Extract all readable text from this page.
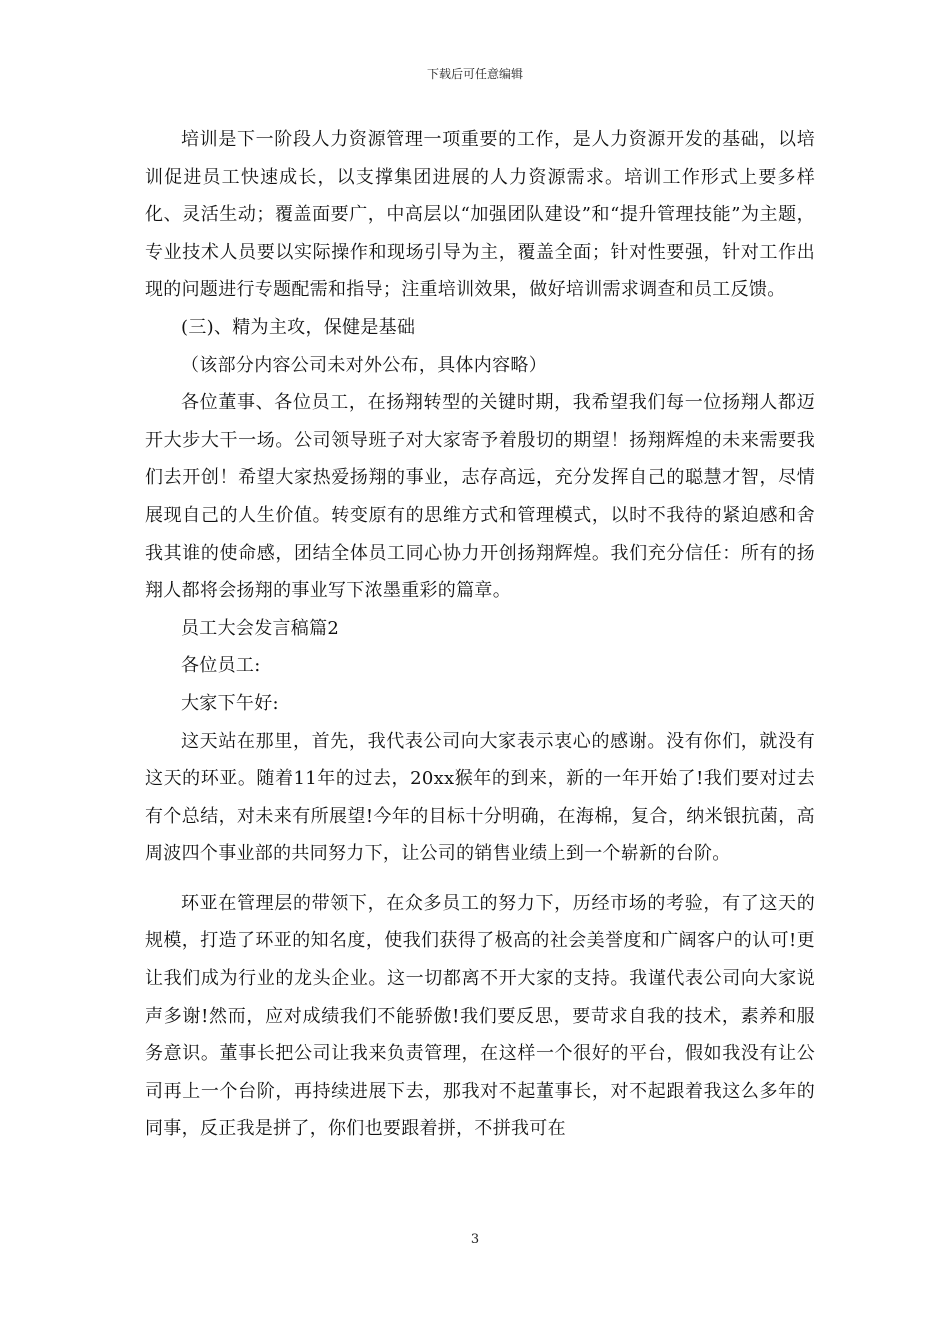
下载后可任意编辑

培训是下一阶段人力资源管理一项重要的工作，是人力资源开发的基础，以培训促进员工快速成长，以支撑集团进展的人力资源需求。培训工作形式上要多样化、灵活生动；覆盖面要广，中高层以“加强团队建设”和“提升管理技能”为主题，专业技术人员要以实际操作和现场引导为主，覆盖全面；针对性要强，针对工作出现的问题进行专题配需和指导；注重培训效果，做好培训需求调查和员工反馈。

(三)、精为主攻，保健是基础

（该部分内容公司未对外公布，具体内容略）

各位董事、各位员工，在扬翔转型的关键时期，我希望我们每一位扬翔人都迈开大步大干一场。公司领导班子对大家寄予着殷切的期望！扬翔辉煌的未来需要我们去开创！希望大家热爱扬翔的事业，志存高远，充分发挥自己的聪慧才智，尽情展现自己的人生价值。转变原有的思维方式和管理模式，以时不我待的紧迫感和舍我其谁的使命感，团结全体员工同心协力开创扬翔辉煌。我们充分信任：所有的扬翔人都将会扬翔的事业写下浓墨重彩的篇章。

员工大会发言稿篇2

各位员工:

大家下午好:

这天站在那里，首先，我代表公司向大家表示衷心的感谢。没有你们，就没有这天的环亚。随着11年的过去，20xx猴年的到来，新的一年开始了!我们要对过去有个总结，对未来有所展望!今年的目标十分明确，在海棉，复合，纳米银抗菌，高周波四个事业部的共同努力下，让公司的销售业绩上到一个崭新的台阶。

环亚在管理层的带领下，在众多员工的努力下，历经市场的考验，有了这天的规模，打造了环亚的知名度，使我们获得了极高的社会美誉度和广阔客户的认可!更让我们成为行业的龙头企业。这一切都离不开大家的支持。我谨代表公司向大家说声多谢!然而，应对成绩我们不能骄傲!我们要反思，要苛求自我的技术，素养和服务意识。董事长把公司让我来负责管理，在这样一个很好的平台，假如我没有让公司再上一个台阶，再持续进展下去，那我对不起董事长，对不起跟着我这么多年的同事，反正我是拼了，你们也要跟着拼，不拼我可在

3
